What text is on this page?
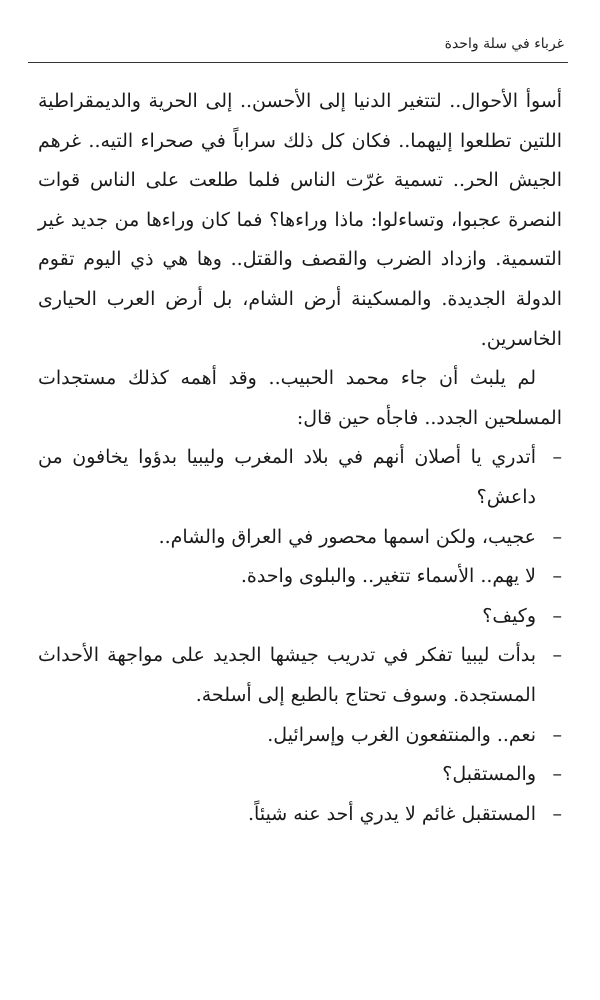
غرباء في سلة واحدة

أسوأ الأحوال.. لتتغير الدنيا إلى الأحسن.. إلى الحرية والديمقراطية اللتين تطلعوا إليهما.. فكان كل ذلك سراباً في صحراء التيه.. غرهم الجيش الحر.. تسمية غرّت الناس فلما طلعت على الناس قوات النصرة عجبوا، وتساءلوا: ماذا وراءها؟ فما كان وراءها من جديد غير التسمية. وازداد الضرب والقصف والقتل.. وها هي ذي اليوم تقوم الدولة الجديدة. والمسكينة أرض الشام، بل أرض العرب الحيارى الخاسرين.

لم يلبث أن جاء محمد الحبيب.. وقد أهمه كذلك مستجدات المسلحين الجدد.. فاجأه حين قال:

–
أتدري يا أصلان أنهم في بلاد المغرب وليبيا بدؤوا يخافون من داعش؟
–
عجيب، ولكن اسمها محصور في العراق والشام..
–
لا يهم.. الأسماء تتغير.. والبلوى واحدة.
–
وكيف؟
–
بدأت ليبيا تفكر في تدريب جيشها الجديد على مواجهة الأحداث المستجدة. وسوف تحتاج بالطبع إلى أسلحة.
–
نعم.. والمنتفعون الغرب وإسرائيل.
–
والمستقبل؟
–
المستقبل غائم لا يدري أحد عنه شيئاً.
